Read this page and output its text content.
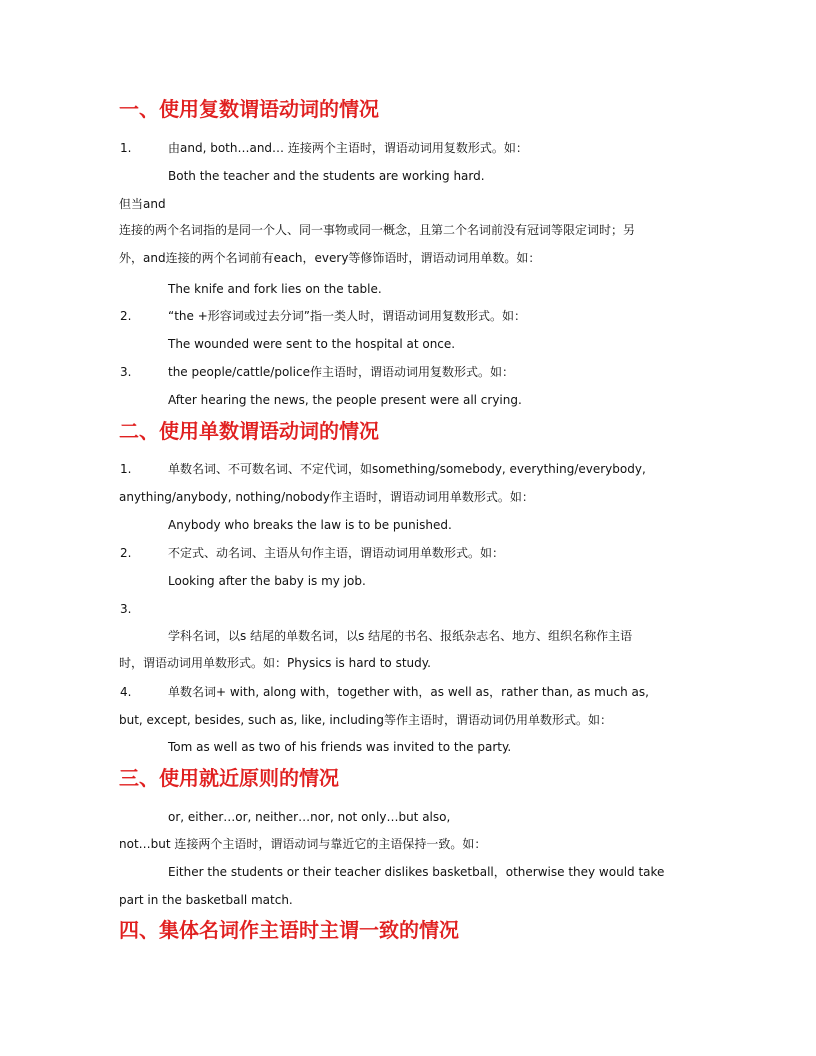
一、使用复数谓语动词的情况
1.	由and, both…and… 连接两个主语时，谓语动词用复数形式。如：
Both the teacher and the students are working hard.
但当and
连接的两个名词指的是同一个人、同一事物或同一概念，且第二个名词前没有冠词等限定词时；另
外，and连接的两个名词前有each，every等修饰语时，谓语动词用单数。如：
The knife and fork lies on the table.
2.	“the +形容词或过去分词”指一类人时，谓语动词用复数形式。如：
The wounded were sent to the hospital at once.
3.	the people/cattle/police作主语时，谓语动词用复数形式。如：
After hearing the news, the people present were all crying.
二、使用单数谓语动词的情况
1.	单数名词、不可数名词、不定代词，如something/somebody, everything/everybody,
anything/anybody, nothing/nobody作主语时，谓语动词用单数形式。如：
Anybody who breaks the law is to be punished.
2.	不定式、动名词、主语从句作主语，谓语动词用单数形式。如：
Looking after the baby is my job.
3.
学科名词，以s 结尾的单数名词，以s 结尾的书名、报纸杂志名、地方、组织名称作主语
时，谓语动词用单数形式。如：Physics is hard to study.
4.	单数名词+ with, along with，together with，as well as，rather than, as much as,
but, except, besides, such as, like, including等作主语时，谓语动词仍用单数形式。如：
Tom as well as two of his friends was invited to the party.
三、使用就近原则的情况
or, either…or, neither…nor, not only…but also,
not…but 连接两个主语时，谓语动词与靠近它的主语保持一致。如：
Either the students or their teacher dislikes basketball，otherwise they would take
part in the basketball match.
四、集体名词作主语时主谓一致的情况
